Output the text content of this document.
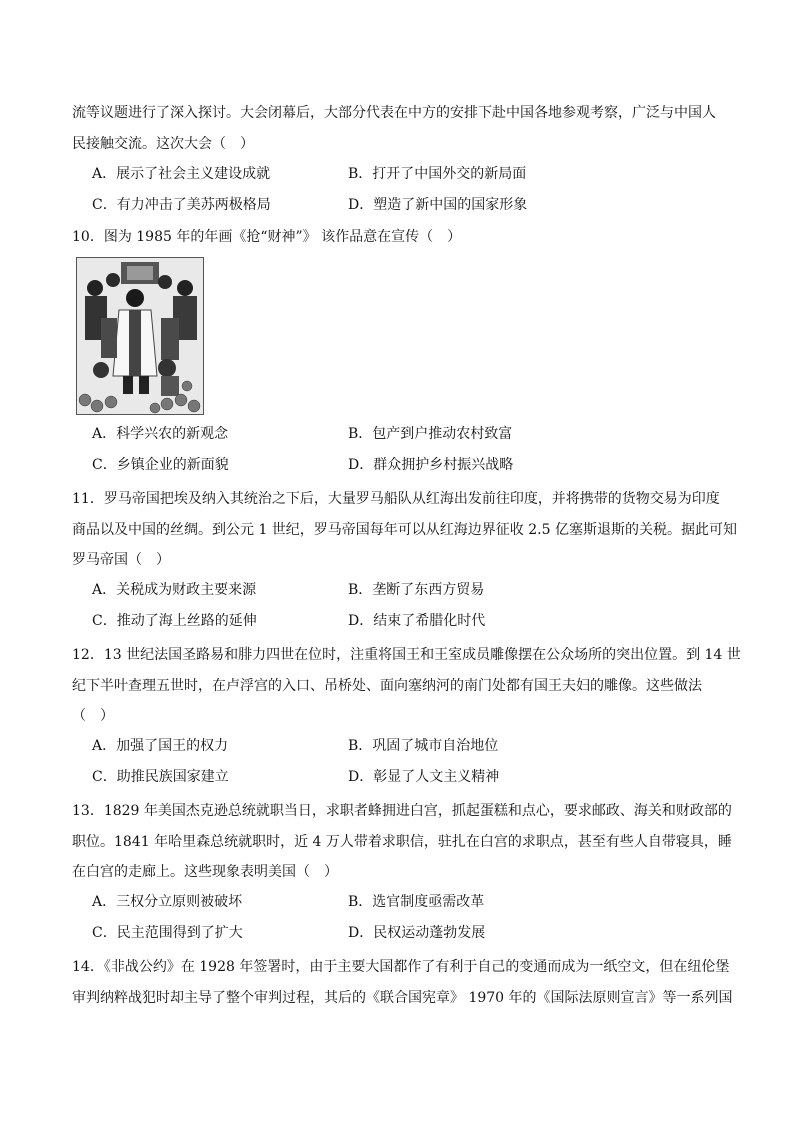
流等议题进行了深入探讨。大会闭幕后，大部分代表在中方的安排下赴中国各地参观考察，广泛与中国人
民接触交流。这次大会（　）
A．展示了社会主义建设成就	B．打开了中国外交的新局面
C．有力冲击了美苏两极格局	D．塑造了新中国的国家形象
10．图为 1985 年的年画《抢“财神”》 该作品意在宣传（　）
A．科学兴农的新观念	B．包产到户推动农村致富
C．乡镇企业的新面貌	D．群众拥护乡村振兴战略
11．罗马帝国把埃及纳入其统治之下后，大量罗马船队从红海出发前往印度，并将携带的货物交易为印度
商品以及中国的丝绸。到公元 1 世纪，罗马帝国每年可以从红海边界征收 2.5 亿塞斯退斯的关税。据此可知
罗马帝国（　）
A．关税成为财政主要来源	B．垄断了东西方贸易
C．推动了海上丝路的延伸	D．结束了希腊化时代
12．13 世纪法国圣路易和腓力四世在位时，注重将国王和王室成员雕像摆在公众场所的突出位置。到 14 世
纪下半叶查理五世时，在卢浮宫的入口、吊桥处、面向塞纳河的南门处都有国王夫妇的雕像。这些做法
（　）
A．加强了国王的权力	B．巩固了城市自治地位
C．助推民族国家建立	D．彰显了人文主义精神
13．1829 年美国杰克逊总统就职当日，求职者蜂拥进白宫，抓起蛋糕和点心，要求邮政、海关和财政部的
职位。1841 年哈里森总统就职时，近 4 万人带着求职信，驻扎在白宫的求职点，甚至有些人自带寝具，睡
在白宫的走廊上。这些现象表明美国（　）
A．三权分立原则被破坏	B．选官制度亟需改革
C．民主范围得到了扩大	D．民权运动蓬勃发展
14．《非战公约》在 1928 年签署时，由于主要大国都作了有利于自己的变通而成为一纸空文，但在纽伦堡
审判纳粹战犯时却主导了整个审判过程，其后的《联合国宪章》 1970 年的《国际法原则宣言》等一系列国
